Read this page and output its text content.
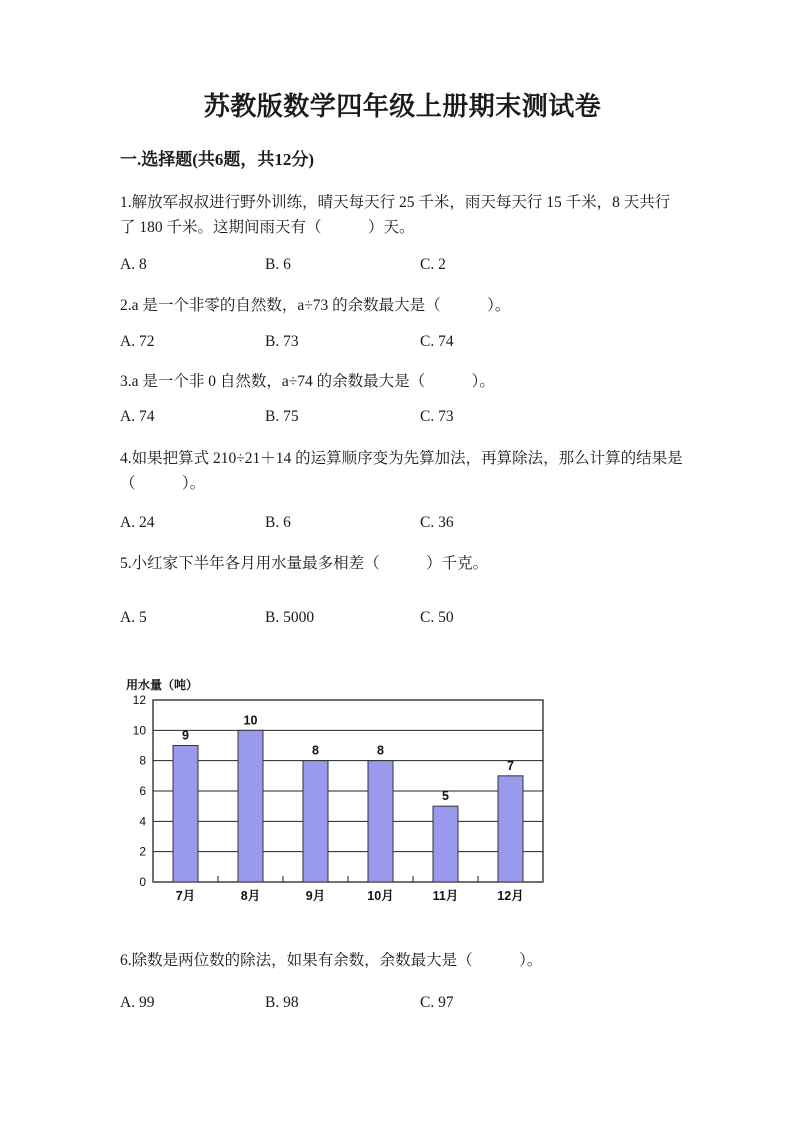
苏教版数学四年级上册期末测试卷
一.选择题(共6题，共12分)
1.解放军叔叔进行野外训练，晴天每天行 25 千米，雨天每天行 15 千米，8 天共行了 180 千米。这期间雨天有（　　　）天。
A. 8	B. 6	C. 2
2.a 是一个非零的自然数，a÷73 的余数最大是（　　　）。
A. 72	B. 73	C. 74
3.a 是一个非 0 自然数，a÷74 的余数最大是（　　　）。
A. 74	B. 75	C. 73
4.如果把算式 210÷21＋14 的运算顺序变为先算加法，再算除法，那么计算的结果是（　　　）。
A. 24	B. 6	C. 36
5.小红家下半年各月用水量最多相差（　　　）千克。
A. 5	B. 5000	C. 50
用水量（吨）
0
2
4
6
8
10
12
9
7月
10
8月
8
9月
8
10月
5
11月
7
12月
6.除数是两位数的除法，如果有余数，余数最大是（　　　）。
A. 99	B. 98	C. 97
